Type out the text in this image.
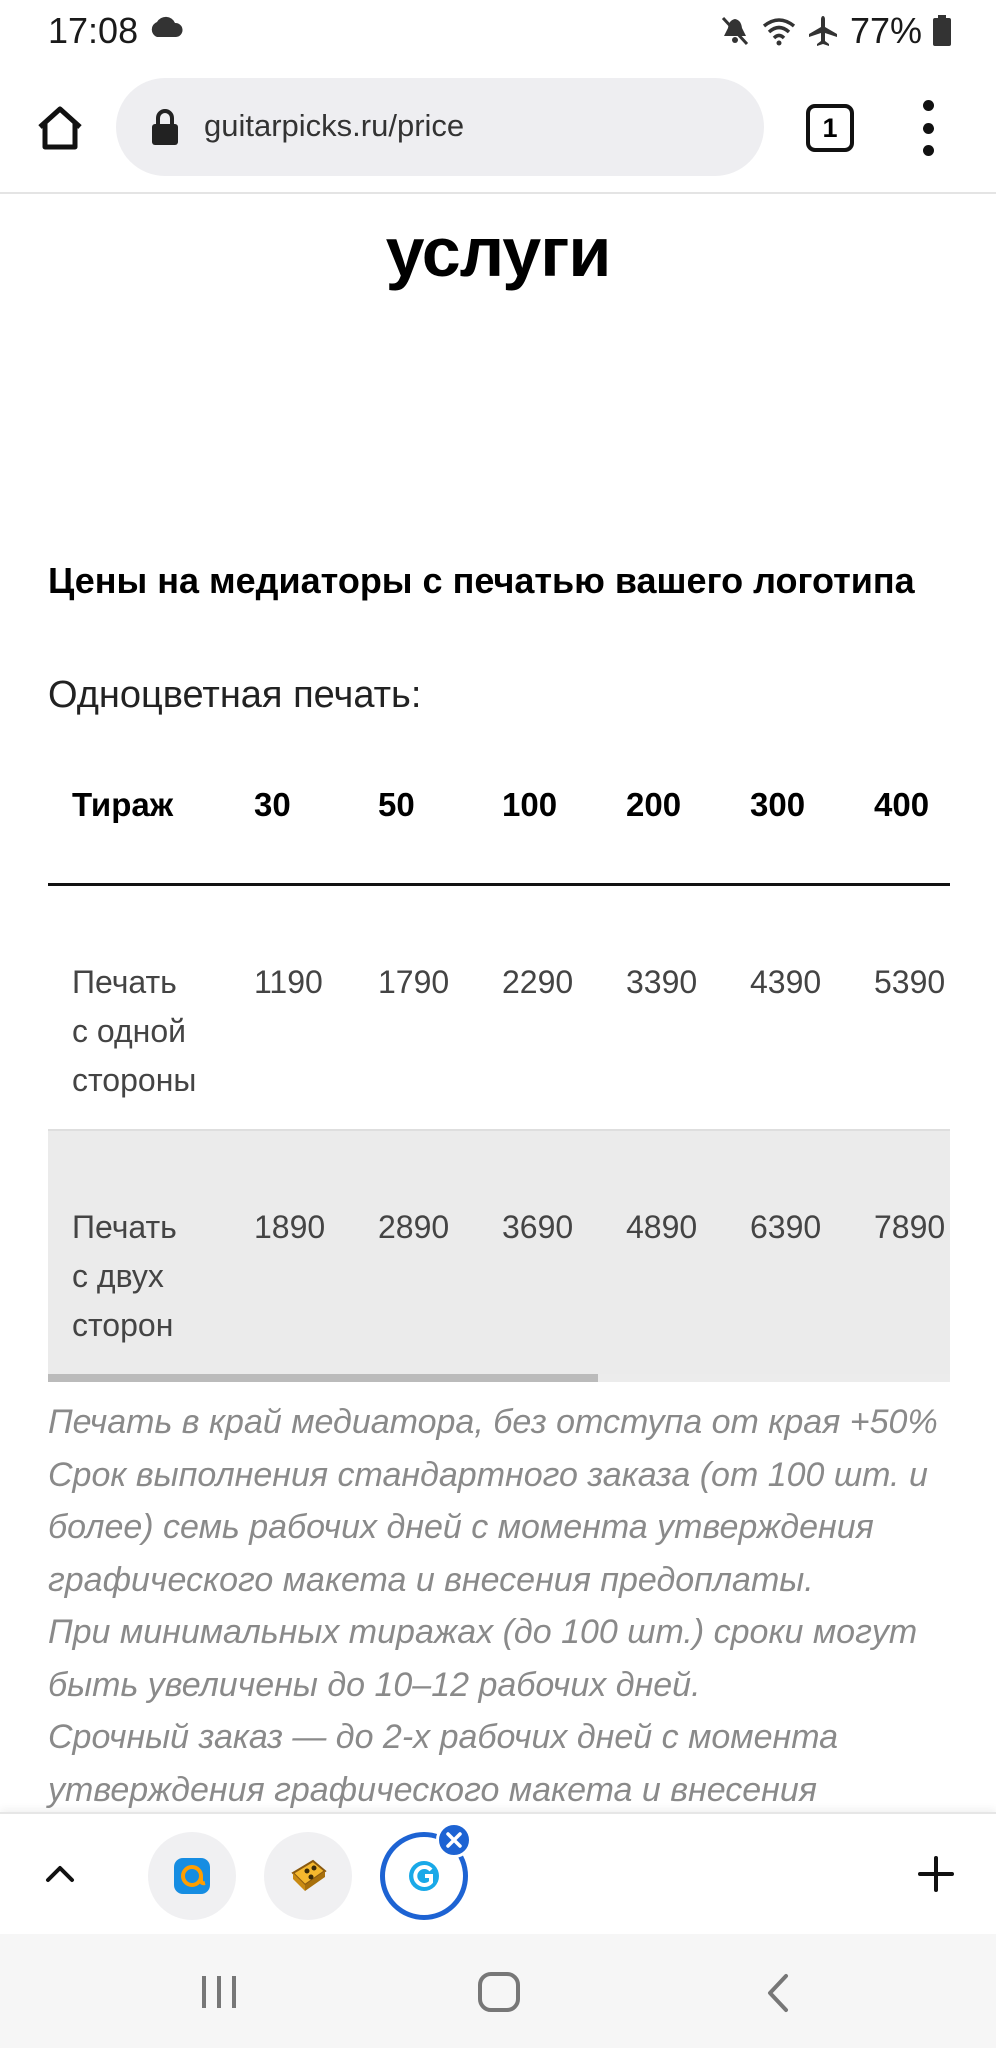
17:08	77%
guitarpicks.ru/price	1
услуги
Цены на медиаторы с печатью вашего логотипа
Одноцветная печать:
Тираж	30	50	100 200 300 400
Печать
с одной
стороны
1190 1790 2290 3390 4390 5390
Печать
с двух
сторон
1890 2890 3690 4890 6390 7890

Печать в край медиатора, без отступа от края +50%

Срок выполнения стандартного заказа (от 100 шт. и более) семь рабочих дней с момента утверждения графического макета и внесения предоплаты.

При минимальных тиражах (до 100 шт.) сроки могут быть увеличены до 10–12 рабочих дней.

Срочный заказ — до 2-х рабочих дней с момента утверждения графического макета и внесения
